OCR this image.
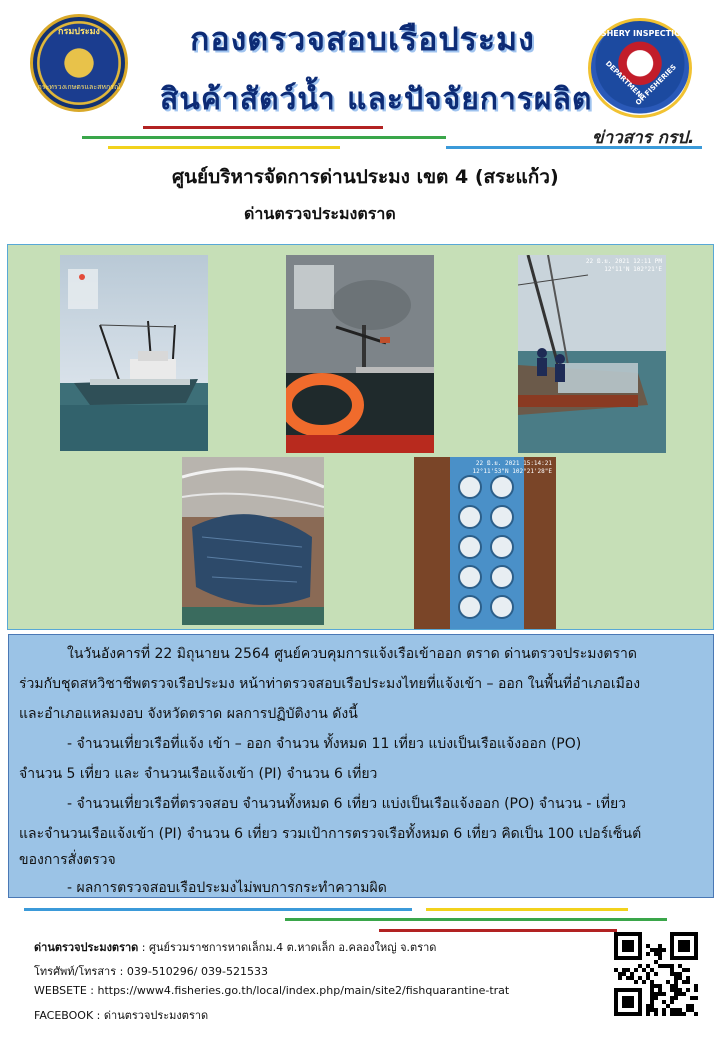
กรมประมง
กระทรวงเกษตรและสหกรณ์
FISHERY INSPECTION
DEPARTMENT
OF FISHERIES
กองตรวจสอบเรือประมง
สินค้าสัตว์น้ำ และปัจจัยการผลิต
ข่าวสาร กรป.
ศูนย์บริหารจัดการด่านประมง เขต 4 (สระแก้ว)
ด่านตรวจประมงตราด
22 มิ.ย. 2021 12:11 PM
12°11'N 102°21'E
22 มิ.ย. 2021 15:14:21
12°11'53"N 102°21'28"E
ในวันอังคารที่ 22 มิถุนายน 2564 ศูนย์ควบคุมการแจ้งเรือเข้าออก ตราด ด่านตรวจประมงตราด
ร่วมกับชุดสหวิชาชีพตรวจเรือประมง หน้าท่าตรวจสอบเรือประมงไทยที่แจ้งเข้า – ออก ในพื้นที่อำเภอเมือง
และอำเภอแหลมงอบ จังหวัดตราด ผลการปฏิบัติงาน ดังนี้
- จำนวนเที่ยวเรือที่แจ้ง เข้า – ออก จำนวน ทั้งหมด 11 เที่ยว แบ่งเป็นเรือแจ้งออก (PO)
จำนวน 5 เที่ยว และ จำนวนเรือแจ้งเข้า (PI) จำนวน 6 เที่ยว
- จำนวนเที่ยวเรือที่ตรวจสอบ จำนวนทั้งหมด 6 เที่ยว แบ่งเป็นเรือแจ้งออก (PO) จำนวน - เที่ยว
และจำนวนเรือแจ้งเข้า (PI) จำนวน 6 เที่ยว รวมเป้าการตรวจเรือทั้งหมด 6 เที่ยว คิดเป็น 100 เปอร์เซ็นต์
ของการสั่งตรวจ
- ผลการตรวจสอบเรือประมงไม่พบการกระทำความผิด
ด่านตรวจประมงตราด : ศูนย์รวมราชการหาดเล็กม.4 ต.หาดเล็ก อ.คลองใหญ่ จ.ตราด
โทรศัพท์/โทรสาร : 039-510296/ 039-521533
WEBSETE : https://www4.fisheries.go.th/local/index.php/main/site2/fishquarantine-trat
FACEBOOK : ด่านตรวจประมงตราด
